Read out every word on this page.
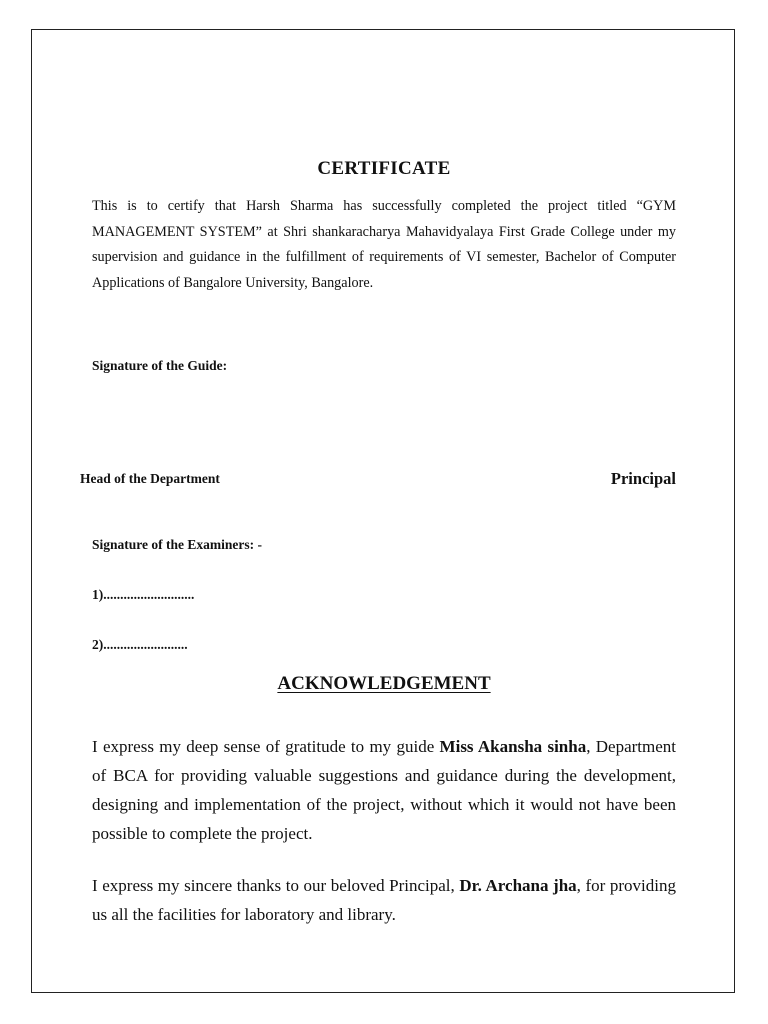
CERTIFICATE

This is to certify that Harsh Sharma has successfully completed the project titled “GYM MANAGEMENT SYSTEM” at Shri shankaracharya Mahavidyalaya First Grade College under my supervision and guidance in the fulfillment of requirements of VI semester, Bachelor of Computer Applications of Bangalore University, Bangalore.

Signature of the Guide:
Head of the Department	Principal
Signature of the Examiners: -
1)...........................
2).........................
ACKNOWLEDGEMENT

I express my deep sense of gratitude to my guide Miss Akansha sinha, Department of BCA for providing valuable suggestions and guidance during the development, designing and implementation of the project, without which it would not have been possible to complete the project.

I express my sincere thanks to our beloved Principal, Dr. Archana jha, for providing us all the facilities for laboratory and library.
